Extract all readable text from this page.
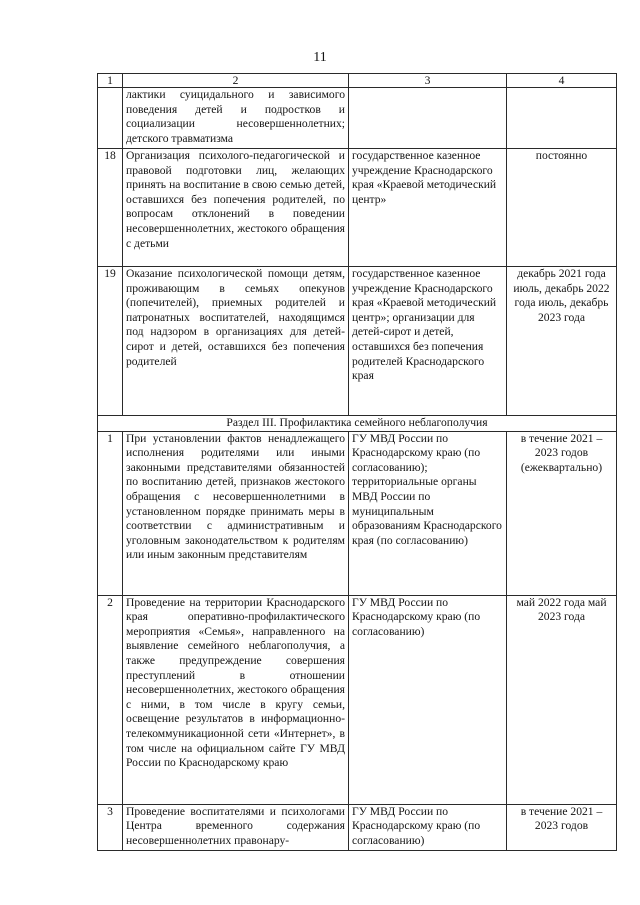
11
1	2	3	4
	лактики суицидального и зависимого поведения детей и подростков и социализации несовершеннолетних; детского травматизма		
18	Организация психолого-педагогической и правовой подготовки лиц, желающих принять на воспитание в свою семью детей, оставшихся без попечения родителей, по вопросам отклонений в поведении несовершеннолетних, жестокого обращения с детьми	государственное казенное учреждение Краснодарского края «Краевой методический центр»	постоянно
19	Оказание психологической помощи детям, проживающим в семьях опекунов (попечителей), приемных родителей и патронатных воспитателей, находящимся под надзором в организациях для детей-сирот и детей, оставшихся без попечения родителей	государственное казенное учреждение Краснодарского края «Краевой методический центр»; организации для детей-сирот и детей, оставшихся без попечения родителей Краснодарского края	декабрь 2021 года июль, декабрь 2022 года июль, декабрь 2023 года
Раздел III. Профилактика семейного неблагополучия			
1	При установлении фактов ненадлежащего исполнения родителями или иными законными представителями обязанностей по воспитанию детей, признаков жестокого обращения с несовершеннолетними в установленном порядке принимать меры в соответствии с административным и уголовным законодательством к родителям или иным законным представителям	ГУ МВД России по Краснодарскому краю (по согласованию); территориальные органы МВД России по муниципальным образованиям Краснодарского края (по согласованию)	в течение 2021 – 2023 годов (ежеквартально)
2	Проведение на территории Краснодарского края оперативно-профилактического мероприятия «Семья», направленного на выявление семейного неблагополучия, а также предупреждение совершения преступлений в отношении несовершеннолетних, жестокого обращения с ними, в том числе в кругу семьи, освещение результатов в информационно-телекоммуникационной сети «Интернет», в том числе на официальном сайте ГУ МВД России по Краснодарскому краю	ГУ МВД России по Краснодарскому краю (по согласованию)	май 2022 года май 2023 года
3	Проведение воспитателями и психологами Центра временного содержания несовершеннолетних правонару-	ГУ МВД России по Краснодарскому краю (по согласованию)	в течение 2021 – 2023 годов
